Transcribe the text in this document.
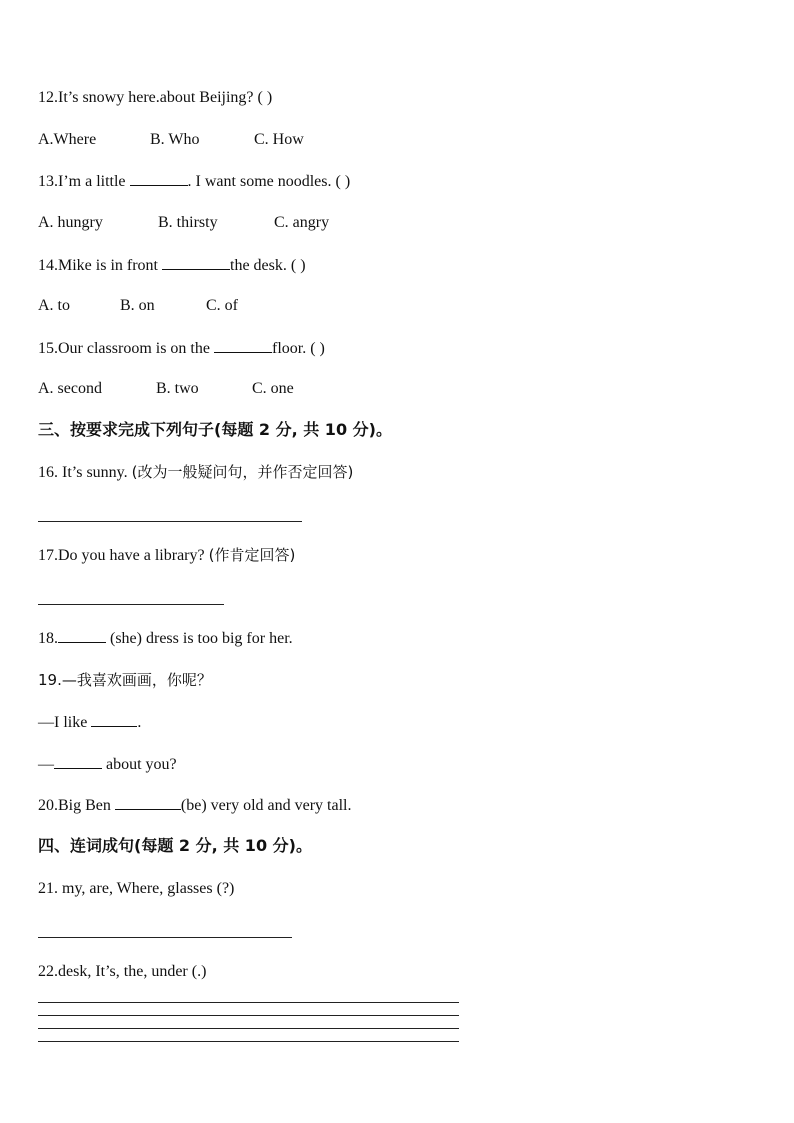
12.It’s snowy here.about Beijing? ( )
A.Where	B. Who	C. How
13.I’m a little	. I want some noodles. ( )
A. hungry	B. thirsty	C. angry
14.Mike is in front	the desk. ( )
A. to	B. on	C. of
15.Our classroom is on the	floor. ( )
A. second	B. two	C. one
三、按要求完成下列句子(每题 2 分, 共 10 分)。
16. It’s sunny. (改为一般疑问句，并作否定回答)
17.Do you have a library? (作肯定回答)
18.	(she) dress is too big for her.
19.—我喜欢画画，你呢？
—I like	.
—	about you?
20.Big Ben	(be) very old and very tall.
四、连词成句(每题 2 分, 共 10 分)。
21. my, are, Where, glasses (?)
22.desk, It’s, the, under (.)
